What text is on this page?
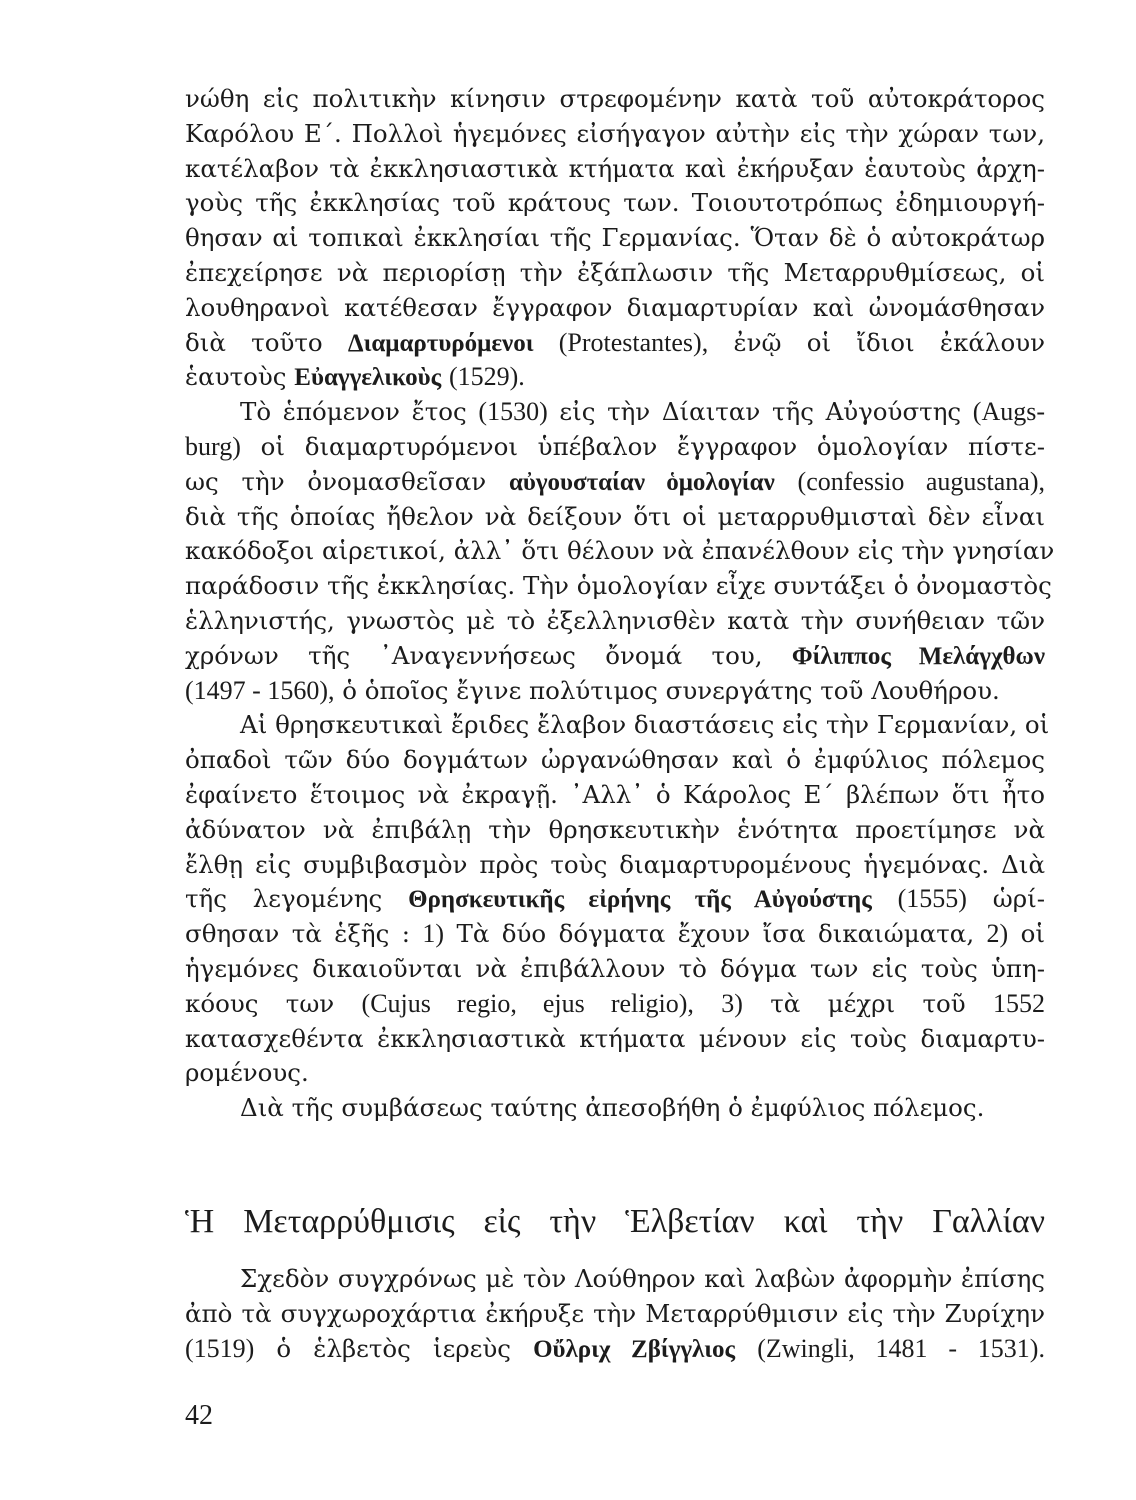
νώθη εἰς πολιτικὴν κίνησιν στρεφομένην κατὰ τοῦ αὐτοκράτορος
Καρόλου Ε΄. Πολλοὶ ἡγεμόνες εἰσήγαγον αὐτὴν εἰς τὴν χώραν των,
κατέλαβον τὰ ἐκκλησιαστικὰ κτήματα καὶ ἐκήρυξαν ἑαυτοὺς ἀρχη-
γοὺς τῆς ἐκκλησίας τοῦ κράτους των. Τοιουτοτρόπως ἐδημιουργή-
θησαν αἱ τοπικαὶ ἐκκλησίαι τῆς Γερμανίας. Ὅταν δὲ ὁ αὐτοκράτωρ
ἐπεχείρησε νὰ περιορίσῃ τὴν ἐξάπλωσιν τῆς Μεταρρυθμίσεως, οἱ
λουθηρανοὶ κατέθεσαν ἔγγραφον διαμαρτυρίαν καὶ ὠνομάσθησαν
διὰ τοῦτο Διαμαρτυρόμενοι (Protestantes), ἐνῷ οἱ ἴδιοι ἐκάλουν
ἑαυτοὺς Εὐαγγελικοὺς (1529).
Τὸ ἑπόμενον ἔτος (1530) εἰς τὴν Δίαιταν τῆς Αὐγούστης (Augs-
burg) οἱ διαμαρτυρόμενοι ὑπέβαλον ἔγγραφον ὁμολογίαν πίστε-
ως τὴν ὀνομασθεῖσαν αὐγουσταίαν ὁμολογίαν (confessio augustana),
διὰ τῆς ὁποίας ἤθελον νὰ δείξουν ὅτι οἱ μεταρρυθμισταὶ δὲν εἶναι
κακόδοξοι αἱρετικοί, ἀλλ᾿ ὅτι θέλουν νὰ ἐπανέλθουν εἰς τὴν γνησίαν
παράδοσιν τῆς ἐκκλησίας. Τὴν ὁμολογίαν εἶχε συντάξει ὁ ὀνομαστὸς
ἑλληνιστής, γνωστὸς μὲ τὸ ἐξελληνισθὲν κατὰ τὴν συνήθειαν τῶν
χρόνων τῆς ᾿Αναγεννήσεως ὄνομά του, Φίλιππος Μελάγχθων
(1497 - 1560), ὁ ὁποῖος ἔγινε πολύτιμος συνεργάτης τοῦ Λουθήρου.
Αἱ θρησκευτικαὶ ἔριδες ἔλαβον διαστάσεις εἰς τὴν Γερμανίαν, οἱ
ὀπαδοὶ τῶν δύο δογμάτων ὠργανώθησαν καὶ ὁ ἐμφύλιος πόλεμος
ἐφαίνετο ἕτοιμος νὰ ἐκραγῇ. ᾿Αλλ᾿ ὁ Κάρολος Ε΄ βλέπων ὅτι ἦτο
ἀδύνατον νὰ ἐπιβάλῃ τὴν θρησκευτικὴν ἑνότητα προετίμησε νὰ
ἔλθῃ εἰς συμβιβασμὸν πρὸς τοὺς διαμαρτυρομένους ἡγεμόνας. Διὰ
τῆς λεγομένης Θρησκευτικῆς εἰρήνης τῆς Αὐγούστης (1555) ὡρί-
σθησαν τὰ ἑξῆς : 1) Τὰ δύο δόγματα ἔχουν ἴσα δικαιώματα, 2) οἱ
ἡγεμόνες δικαιοῦνται νὰ ἐπιβάλλουν τὸ δόγμα των εἰς τοὺς ὑπη-
κόους των (Cujus regio, ejus religio), 3) τὰ μέχρι τοῦ 1552
κατασχεθέντα ἐκκλησιαστικὰ κτήματα μένουν εἰς τοὺς διαμαρτυ-
ρομένους.
Διὰ τῆς συμβάσεως ταύτης ἀπεσοβήθη ὁ ἐμφύλιος πόλεμος.
Ἡ Μεταρρύθμισις εἰς τὴν Ἑλβετίαν καὶ τὴν Γαλλίαν
Σχεδὸν συγχρόνως μὲ τὸν Λούθηρον καὶ λαβὼν ἀφορμὴν ἐπίσης
ἀπὸ τὰ συγχωροχάρτια ἐκήρυξε τὴν Μεταρρύθμισιν εἰς τὴν Ζυρίχην
(1519) ὁ ἑλβετὸς ἱερεὺς Οὔλριχ Ζβίγγλιος (Zwingli, 1481 - 1531).
42
